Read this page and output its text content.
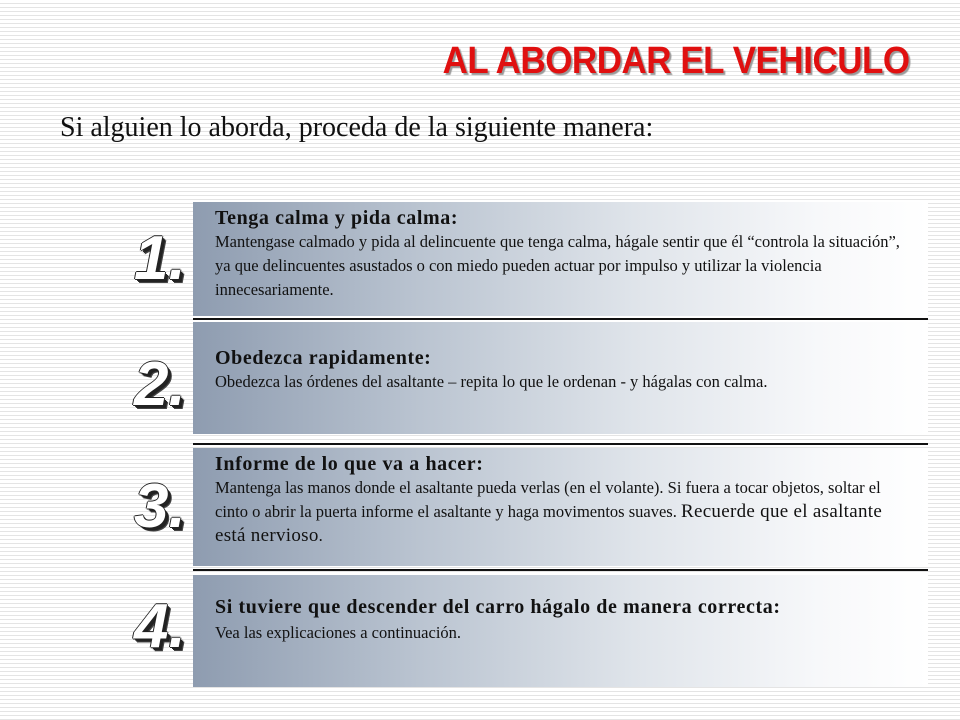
AL ABORDAR EL VEHICULO
Si alguien lo aborda, proceda de la siguiente manera:
1.
Tenga calma y pida calma:
Mantengase calmado y pida al delincuente que tenga calma, hágale sentir que él “controla la situación”, ya que delincuentes asustados o con miedo pueden actuar por impulso y utilizar la violencia innecesariamente.
2.	Obedezca rapidamente:
Obedezca las órdenes del asaltante – repita lo que le ordenan - y hágalas con calma.
3.
Informe de lo que va a hacer:
Mantenga las manos donde el asaltante pueda verlas (en el volante). Si fuera a tocar objetos, soltar el cinto o abrir la puerta informe el asaltante y haga movimentos suaves. Recuerde que el asaltante está nervioso.
4.	Si tuviere que descender del carro hágalo de manera correcta:
Vea las explicaciones a continuación.
